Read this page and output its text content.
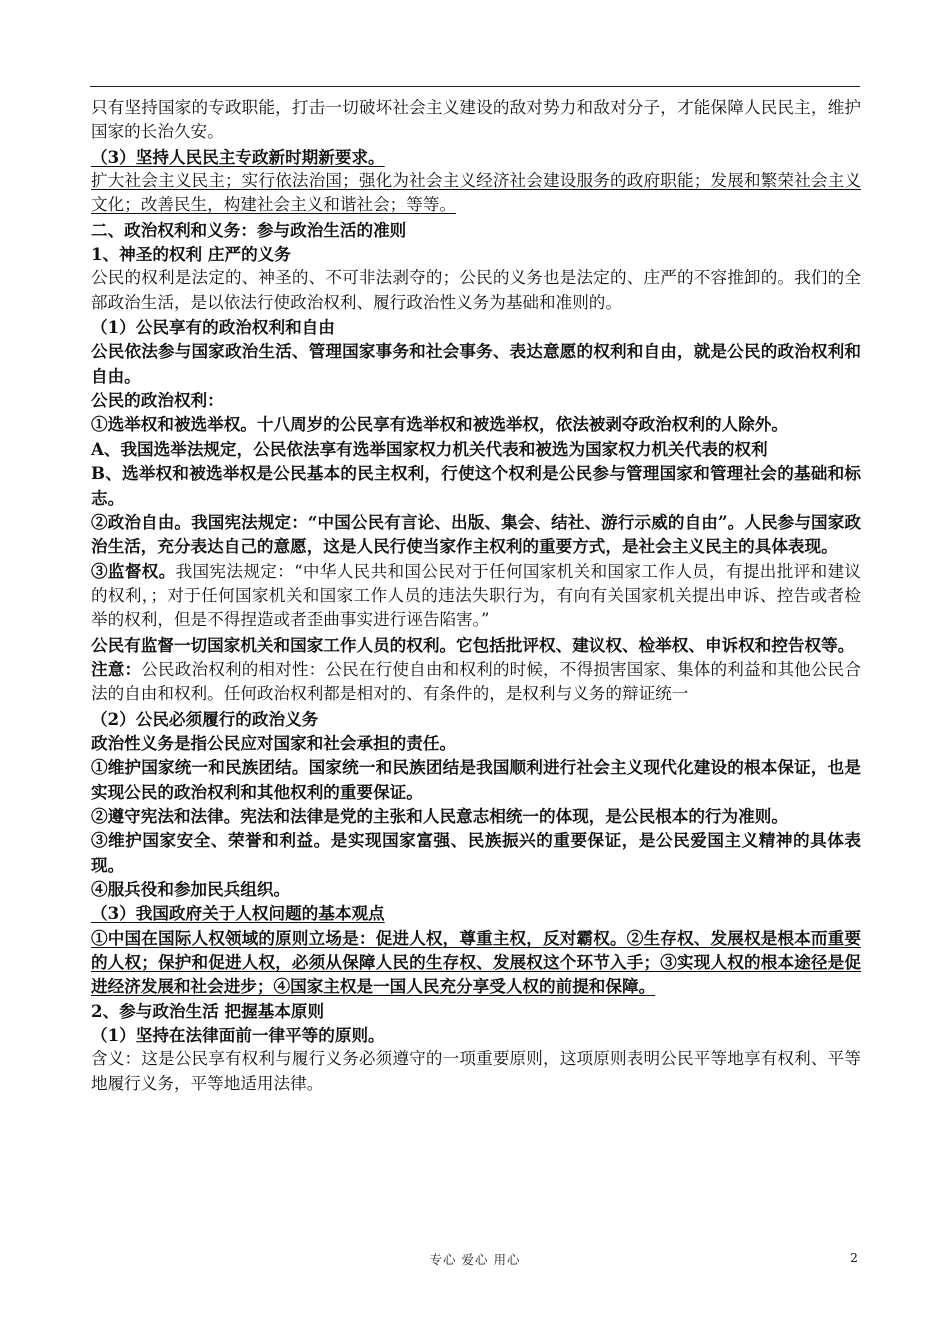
只有坚持国家的专政职能，打击一切破坏社会主义建设的敌对势力和敌对分子，才能保障人民民主，维护国家的长治久安。

（3）坚持人民民主专政新时期新要求。

扩大社会主义民主；实行依法治国；强化为社会主义经济社会建设服务的政府职能；发展和繁荣社会主义文化；改善民生，构建社会主义和谐社会；等等。

二、政治权利和义务：参与政治生活的准则

1、神圣的权利 庄严的义务

公民的权利是法定的、神圣的、不可非法剥夺的；公民的义务也是法定的、庄严的不容推卸的。我们的全部政治生活，是以依法行使政治权利、履行政治性义务为基础和准则的。

（1）公民享有的政治权利和自由

公民依法参与国家政治生活、管理国家事务和社会事务、表达意愿的权利和自由，就是公民的政治权利和自由。

公民的政治权利：

①选举权和被选举权。十八周岁的公民享有选举权和被选举权，依法被剥夺政治权利的人除外。

A、我国选举法规定，公民依法享有选举国家权力机关代表和被选为国家权力机关代表的权利

B、选举权和被选举权是公民基本的民主权利，行使这个权利是公民参与管理国家和管理社会的基础和标志。

②政治自由。我国宪法规定：“中国公民有言论、出版、集会、结社、游行示威的自由”。人民参与国家政治生活，充分表达自己的意愿，这是人民行使当家作主权利的重要方式，是社会主义民主的具体表现。

③监督权。我国宪法规定：“中华人民共和国公民对于任何国家机关和国家工作人员，有提出批评和建议的权利，；对于任何国家机关和国家工作人员的违法失职行为，有向有关国家机关提出申诉、控告或者检举的权利，但是不得捏造或者歪曲事实进行诬告陷害。”

公民有监督一切国家机关和国家工作人员的权利。它包括批评权、建议权、检举权、申诉权和控告权等。

注意：公民政治权利的相对性：公民在行使自由和权利的时候，不得损害国家、集体的利益和其他公民合法的自由和权利。任何政治权利都是相对的、有条件的，是权利与义务的辩证统一

（2）公民必须履行的政治义务

政治性义务是指公民应对国家和社会承担的责任。

①维护国家统一和民族团结。国家统一和民族团结是我国顺利进行社会主义现代化建设的根本保证，也是实现公民的政治权利和其他权利的重要保证。

②遵守宪法和法律。宪法和法律是党的主张和人民意志相统一的体现，是公民根本的行为准则。

③维护国家安全、荣誉和利益。是实现国家富强、民族振兴的重要保证，是公民爱国主义精神的具体表现。

④服兵役和参加民兵组织。

（3）我国政府关于人权问题的基本观点

①中国在国际人权领域的原则立场是：促进人权，尊重主权，反对霸权。②生存权、发展权是根本而重要的人权；保护和促进人权，必须从保障人民的生存权、发展权这个环节入手；③实现人权的根本途径是促进经济发展和社会进步；④国家主权是一国人民充分享受人权的前提和保障。

2、参与政治生活 把握基本原则

（1）坚持在法律面前一律平等的原则。

含义：这是公民享有权利与履行义务必须遵守的一项重要原则，这项原则表明公民平等地享有权利、平等地履行义务，平等地适用法律。

专心 爱心 用心	2
